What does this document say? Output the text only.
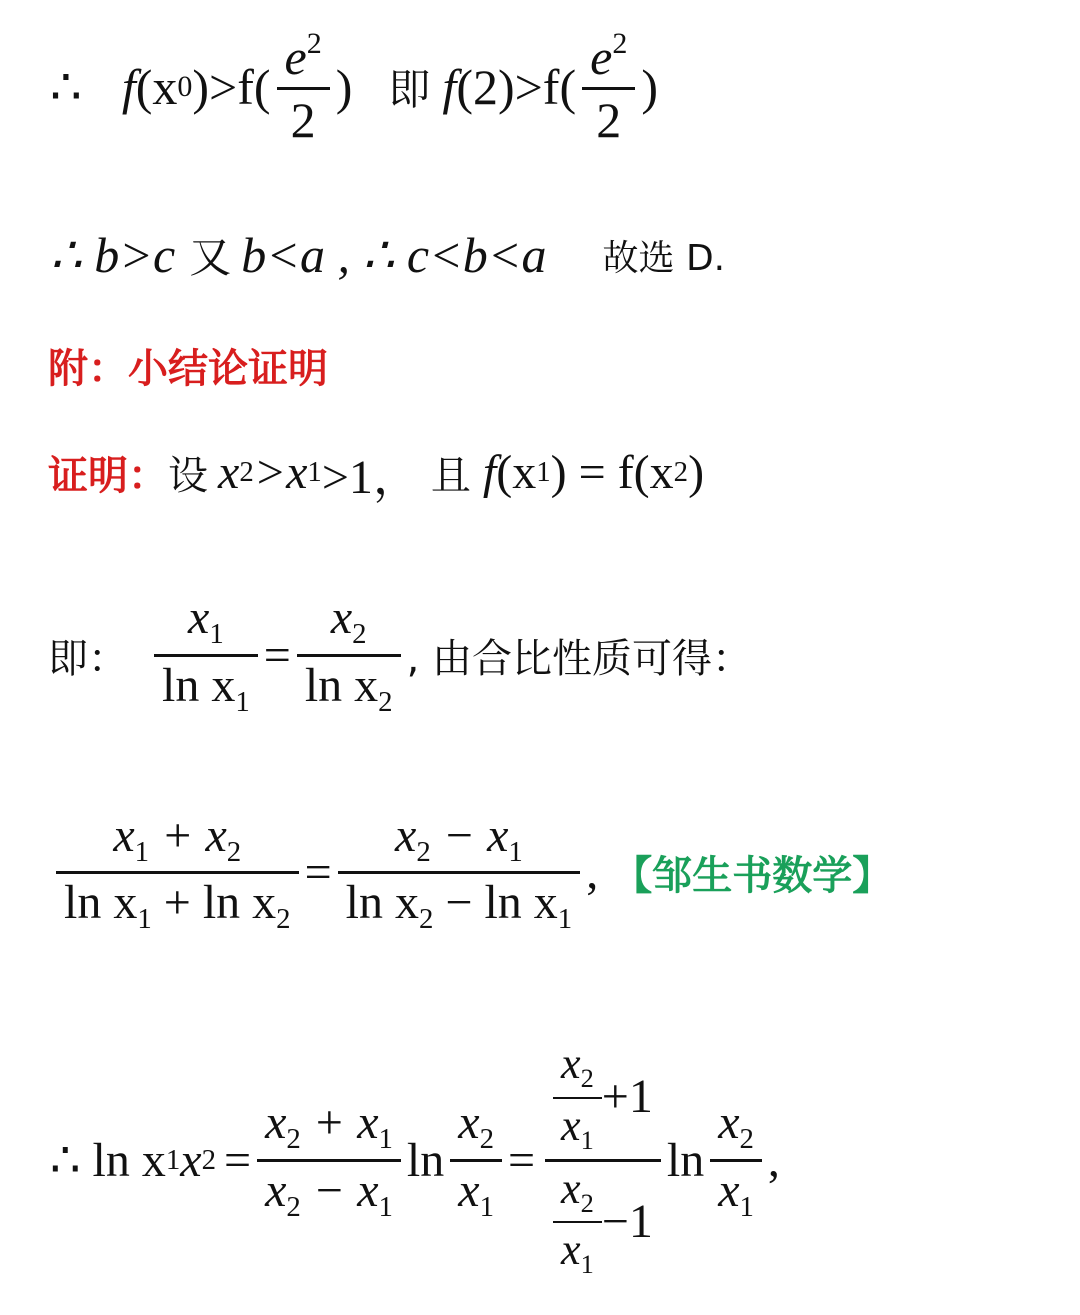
∴ f (x 0 )$>f( \frac{e^2}{2}$ ) 即 f $(2)>f( \frac{e^2}{2}$ )
∴ b>c 又 b<a , ∴ c<b<a 故选 D.
附：小结论证明
证明： 设 x 2 >x 1 >1， 且 f (x 1 ) = f(x 2 )
即： $\frac{x_1}{\ln x_1} = \frac{x_2}{\ln x_2}$ , 由合比性质可得：
$\frac{x_1 + x_2}{\ln x_1 + \ln x_2} = \frac{x_2 - x_1}{\ln x_2 - \ln x_1}$ , 【邹生书数学】
∴ ln x 1 x $2 = \frac{x_2 + x_1}{x_2 - x_1}$ $\ln \frac{x_2}{x_1} = \frac{\frac{x_2}{x_1} +1}{\frac{x_2}{x_1} -1}$ $\ln \frac{x_2}{x_1}$ ,
